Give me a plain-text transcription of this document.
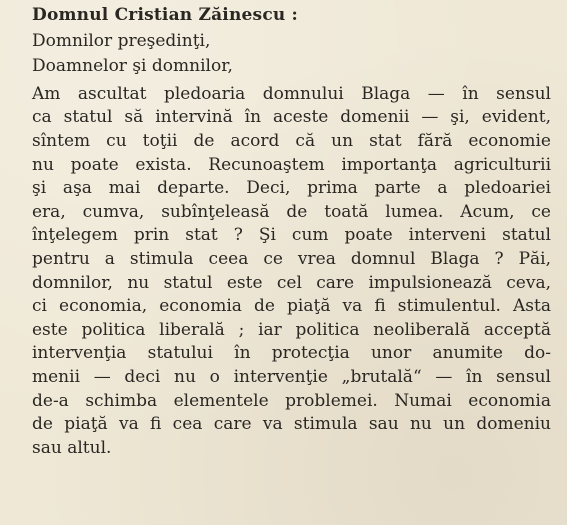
Domnul Cristian Zăinescu :

Domnilor preşedinţi,

Doamnelor şi domnilor,

Am ascultat pledoaria domnului Blaga — în sensul
ca statul să intervină în aceste domenii — şi, evident,
sîntem cu toţii de acord că un stat fără economie
nu poate exista. Recunoaştem importanţa agriculturii
şi aşa mai departe. Deci, prima parte a pledoariei
era, cumva, subînţeleasă de toată lumea. Acum, ce
înţelegem prin stat ? Şi cum poate interveni statul
pentru a stimula ceea ce vrea domnul Blaga ? Păi,
domnilor, nu statul este cel care impulsionează ceva,
ci economia, economia de piaţă va fi stimulentul. Asta
este politica liberală ; iar politica neoliberală acceptă
intervenţia statului în protecţia unor anumite do-
menii — deci nu o intervenţie „brutală“ — în sensul
de-a schimba elementele problemei. Numai economia
de piaţă va fi cea care va stimula sau nu un domeniu
sau altul.
